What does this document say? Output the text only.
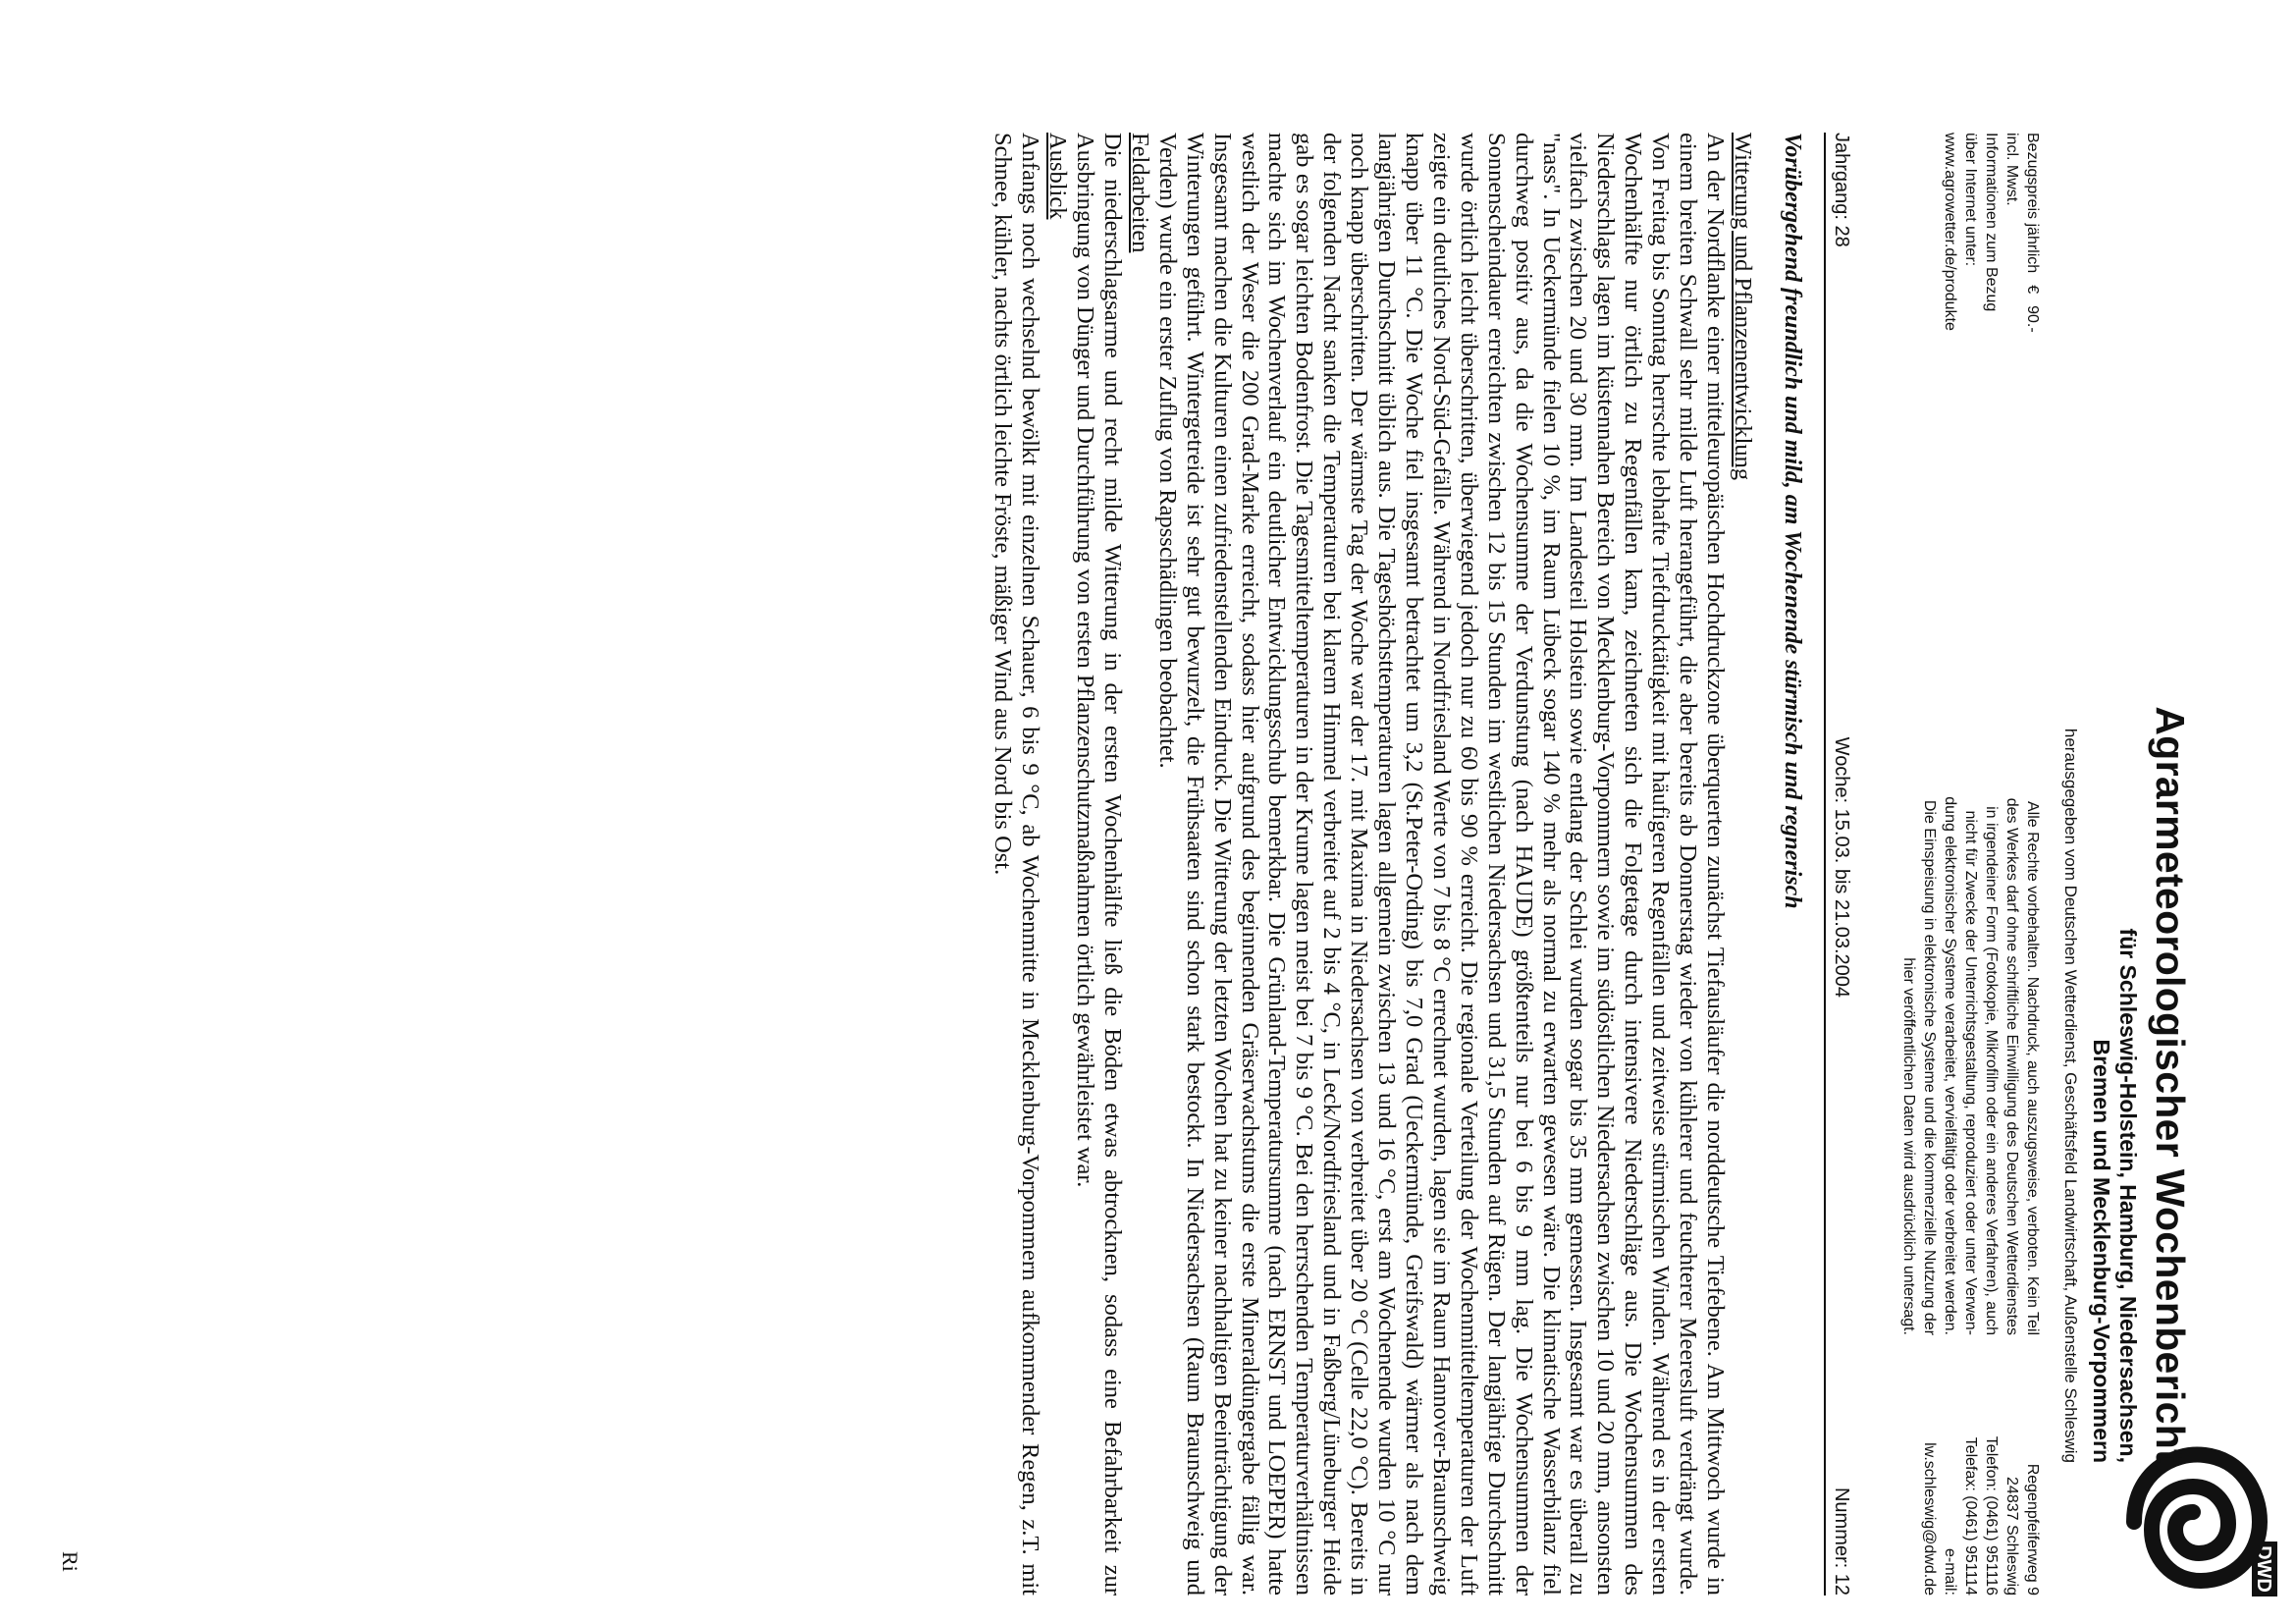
DWD
Agrarmeteorologischer Wochenbericht
für Schleswig-Holstein, Hamburg, Niedersachsen,
Bremen und Mecklenburg-Vorpommern
herausgegeben vom Deutschen Wetterdienst, Geschäftsfeld Landwirtschaft, Außenstelle Schleswig
Regenpfeiferweg 9
24837 Schleswig
Telefon: (0461) 951116
Telefax: (0461) 951114
e-mail:
lw.schleswig@dwd.de
Alle Rechte vorbehalten. Nachdruck, auch auszugsweise, verboten. Kein Teil
des Werkes darf ohne schriftliche Einwilligung des Deutschen Wetterdienstes
in irgendeiner Form (Fotokopie, Mikrofilm oder ein anderes Verfahren), auch
nicht für Zwecke der Unterrichtsgestaltung, reproduziert oder unter Verwen-
dung elektronischer Systeme verarbeitet, vervielfältigt oder verbreitet werden.
Die Einspeisung in elektronische Systeme und die kommerzielle Nutzung der
hier veröffentlichen Daten wird ausdrücklich untersagt.
Bezugspreis jährlich
€
90.-
incl. Mwst.
Informationen zum Bezug
über Internet unter:
www.agrowetter.de/produkte
Jahrgang: 28
Woche: 15.03. bis 21.03.2004
Nummer: 12
Vorübergehend freundlich und mild, am Wochenende stürmisch und regnerisch
Witterung und Pflanzenentwicklung

An der Nordflanke einer mitteleuropäischen Hochdruckzone überquerten zunächst Tiefausläufer die norddeutsche Tiefebene. Am Mittwoch wurde in einem breiten Schwall sehr milde Luft herangeführt, die aber bereits ab Donnerstag wieder von kühlerer und feuchterer Meeresluft verdrängt wurde. Von Freitag bis Sonntag herrschte lebhafte Tiefdrucktätigkeit mit häufigeren Regenfällen und zeitweise stürmischen Winden. Während es in der ersten Wochenhälfte nur örtlich zu Regenfällen kam, zeichneten sich die Folgetage durch intensivere Niederschläge aus. Die Wochensummen des Niederschlags lagen im küstennahen Bereich von Mecklenburg-Vorpommern sowie im südöstlichen Niedersachsen zwischen 10 und 20 mm, ansonsten vielfach zwischen 20 und 30 mm. Im Landesteil Holstein sowie entlang der Schlei wurden sogar bis 35 mm gemessen. Insgesamt war es überall zu "nass". In Ueckermünde fielen 10 %, im Raum Lübeck sogar 140 % mehr als normal zu erwarten gewesen wäre. Die klimatische Wasserbilanz fiel durchweg positiv aus, da die Wochensumme der Verdunstung (nach HAUDE) größtenteils nur bei 6 bis 9 mm lag. Die Wochensummen der Sonnenscheindauer erreichten zwischen 12 bis 15 Stunden im westlichen Niedersachsen und 31,5 Stunden auf Rügen. Der langjährige Durchschnitt wurde örtlich leicht überschritten, überwiegend jedoch nur zu 60 bis 90 % erreicht. Die regionale Verteilung der Wochenmitteltemperaturen der Luft zeigte ein deutliches Nord-Süd-Gefälle. Während in Nordfriesland Werte von 7 bis 8 °C errechnet wurden, lagen sie im Raum Hannover-Braunschweig knapp über 11 °C. Die Woche fiel insgesamt betrachtet um 3,2 (St.Peter-Ording) bis 7,0 Grad (Ueckermünde, Greifswald) wärmer als nach dem langjährigen Durchschnitt üblich aus. Die Tageshöchsttemperaturen lagen allgemein zwischen 13 und 16 °C, erst am Wochenende wurden 10 °C nur noch knapp überschritten. Der wärmste Tag der Woche war der 17. mit Maxima in Niedersachsen von verbreitet über 20 °C (Celle 22,0 °C). Bereits in der folgenden Nacht sanken die Temperaturen bei klarem Himmel verbreitet auf 2 bis 4 °C, in Leck/Nordfriesland und in Faßberg/Lüneburger Heide gab es sogar leichten Bodenfrost. Die Tagesmitteltemperaturen in der Krume lagen meist bei 7 bis 9 °C. Bei den herrschenden Temperaturverhältnissen machte sich im Wochenverlauf ein deutlicher Entwicklungsschub bemerkbar. Die Grünland-Temperatursumme (nach ERNST und LOEPER) hatte westlich der Weser die 200 Grad-Marke erreicht, sodass hier aufgrund des beginnenden Gräserwachstums die erste Mineraldüngergabe fällig war. Insgesamt machen die Kulturen einen zufriedenstellenden Eindruck. Die Witterung der letzten Wochen hat zu keiner nachhaltigen Beeinträchtigung der Winterungen geführt. Wintergetreide ist sehr gut bewurzelt, die Frühsaaten sind schon stark bestockt. In Niedersachsen (Raum Braunschweig und Verden) wurde ein erster Zuflug von Rapsschädlingen beobachtet.

Feldarbeiten

Die niederschlagsarme und recht milde Witterung in der ersten Wochenhälfte ließ die Böden etwas abtrocknen, sodass eine Befahrbarkeit zur Ausbringung von Dünger und Durchführung von ersten Pflanzenschutzmaßnahmen örtlich gewährleistet war.

Ausblick

Anfangs noch wechselnd bewölkt mit einzelnen Schauer, 6 bis 9 °C, ab Wochenmitte in Mecklenburg-Vorpommern aufkommender Regen, z.T. mit Schnee, kühler, nachts örtlich leichte Fröste, mäßiger Wind aus Nord bis Ost.

Ri
